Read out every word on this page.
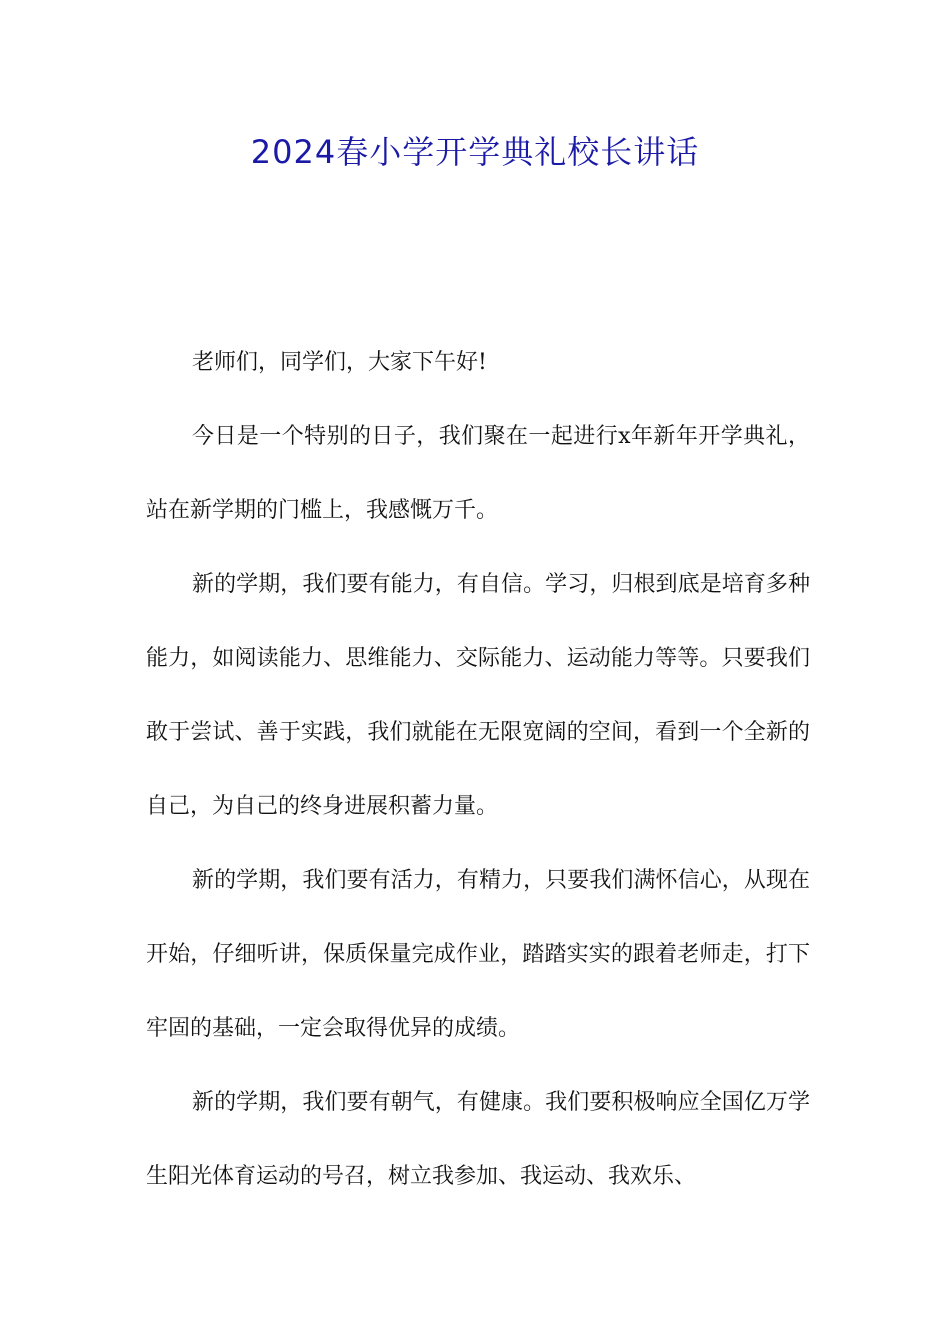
2024春小学开学典礼校长讲话

老师们，同学们，大家下午好!

今日是一个特别的日子，我们聚在一起进行x年新年开学典礼，站在新学期的门槛上，我感慨万千。

新的学期，我们要有能力，有自信。学习，归根到底是培育多种能力，如阅读能力、思维能力、交际能力、运动能力等等。只要我们敢于尝试、善于实践，我们就能在无限宽阔的空间，看到一个全新的自己，为自己的终身进展积蓄力量。

新的学期，我们要有活力，有精力，只要我们满怀信心，从现在开始，仔细听讲，保质保量完成作业，踏踏实实的跟着老师走，打下牢固的基础，一定会取得优异的成绩。

新的学期，我们要有朝气，有健康。我们要积极响应全国亿万学生阳光体育运动的号召，树立我参加、我运动、我欢乐、
